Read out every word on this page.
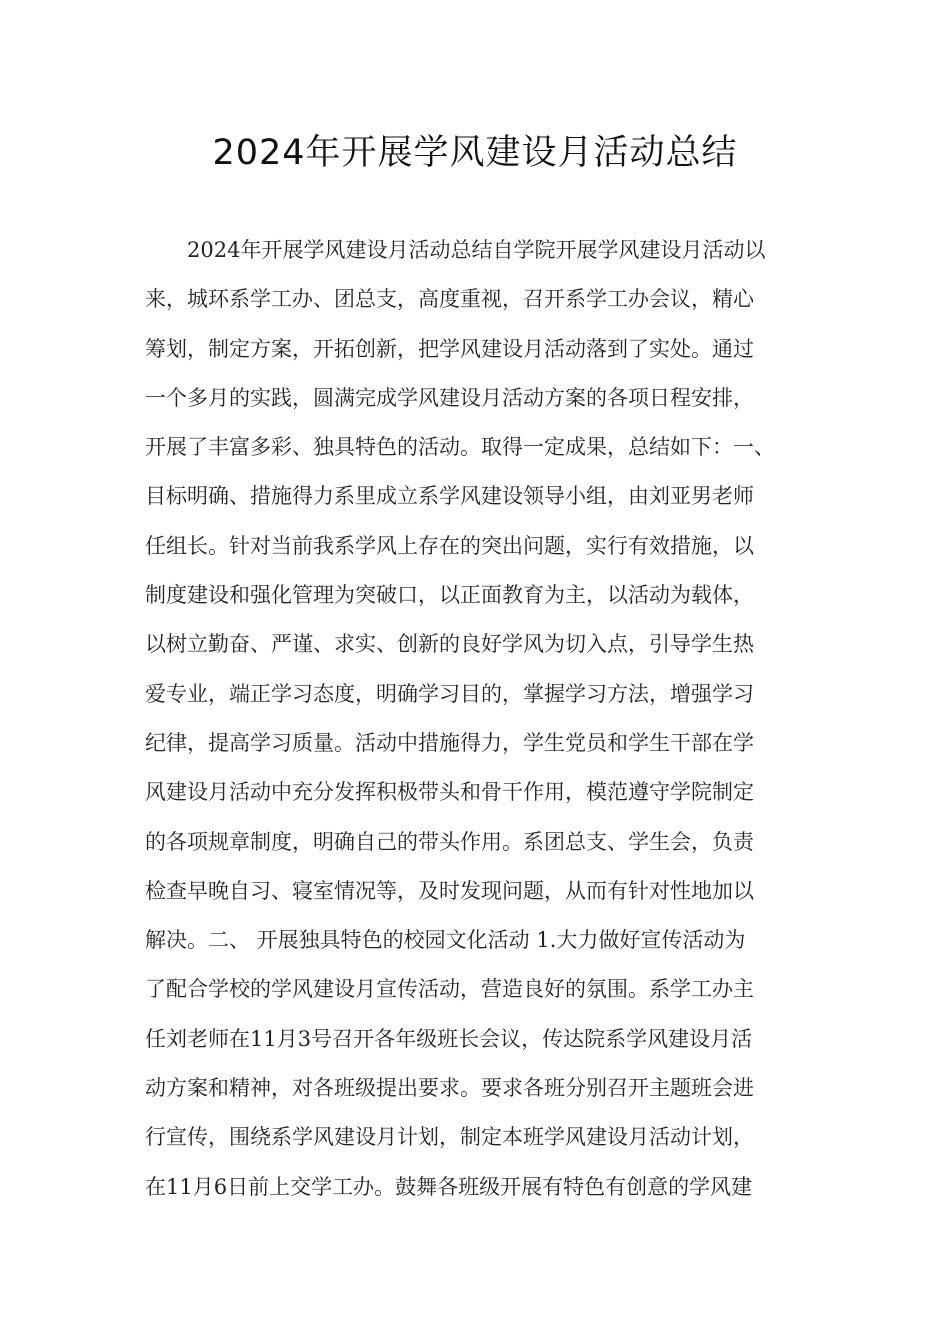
2024年开展学风建设月活动总结
2024年开展学风建设月活动总结自学院开展学风建设月活动以
来，城环系学工办、团总支，高度重视，召开系学工办会议，精心
筹划，制定方案，开拓创新，把学风建设月活动落到了实处。通过
一个多月的实践，圆满完成学风建设月活动方案的各项日程安排，
开展了丰富多彩、独具特色的活动。取得一定成果，总结如下：一、
目标明确、措施得力系里成立系学风建设领导小组，由刘亚男老师
任组长。针对当前我系学风上存在的突出问题，实行有效措施，以
制度建设和强化管理为突破口，以正面教育为主，以活动为载体，
以树立勤奋、严谨、求实、创新的良好学风为切入点，引导学生热
爱专业，端正学习态度，明确学习目的，掌握学习方法，增强学习
纪律，提高学习质量。活动中措施得力，学生党员和学生干部在学
风建设月活动中充分发挥积极带头和骨干作用，模范遵守学院制定
的各项规章制度，明确自己的带头作用。系团总支、学生会，负责
检查早晚自习、寝室情况等，及时发现问题，从而有针对性地加以
解决。二、 开展独具特色的校园文化活动 1.大力做好宣传活动为
了配合学校的学风建设月宣传活动，营造良好的氛围。系学工办主
任刘老师在11月3号召开各年级班长会议，传达院系学风建设月活
动方案和精神，对各班级提出要求。要求各班分别召开主题班会进
行宣传，围绕系学风建设月计划，制定本班学风建设月活动计划，
在11月6日前上交学工办。鼓舞各班级开展有特色有创意的学风建
